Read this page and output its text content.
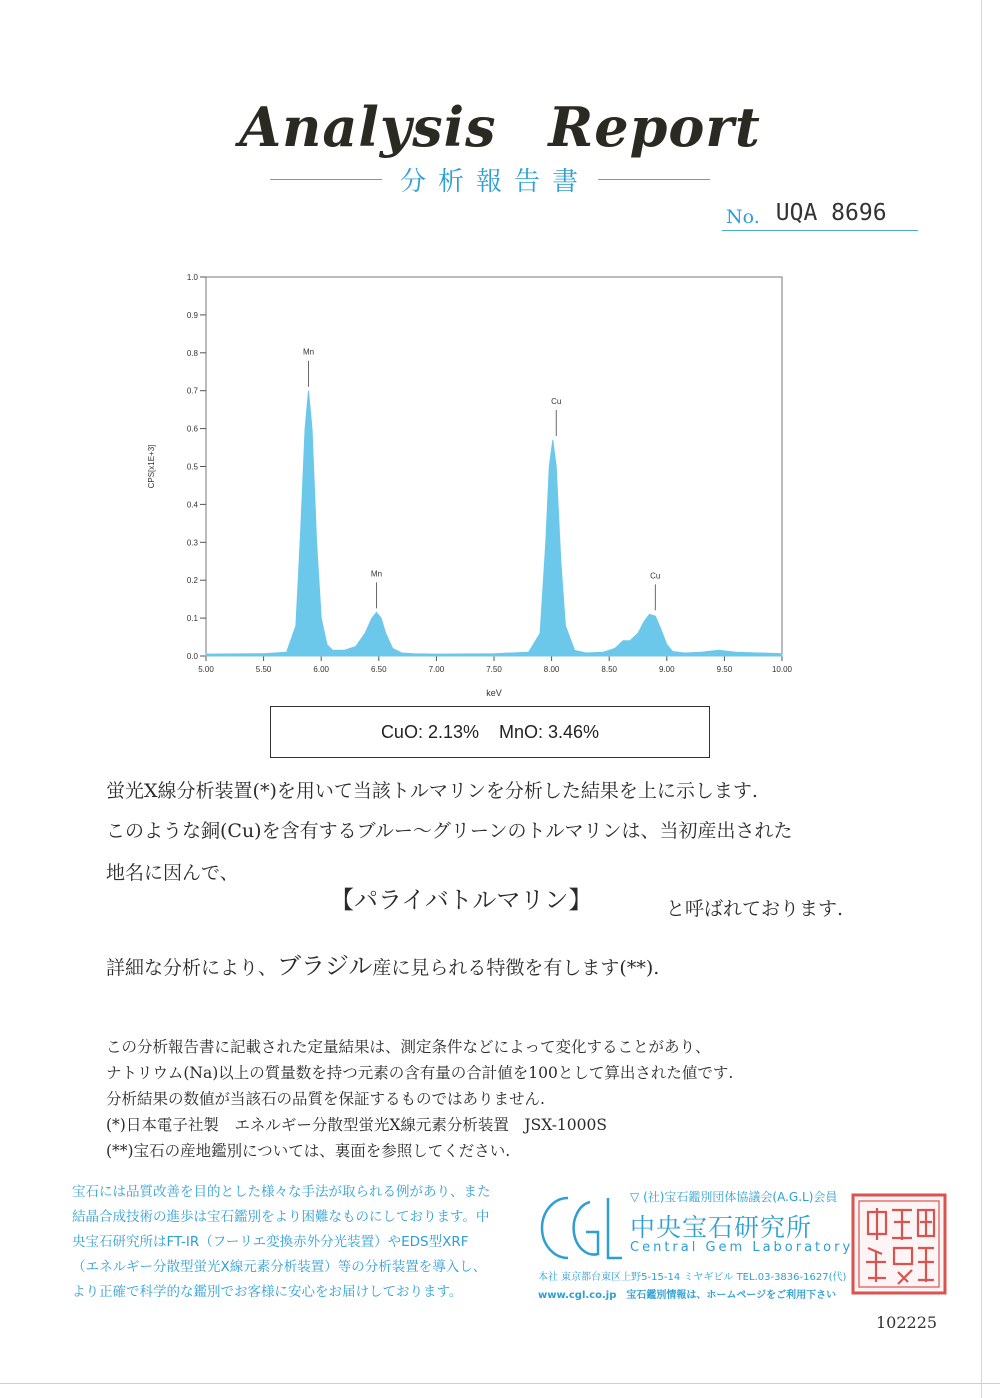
Analysis Report
分析報告書
No. UQA 8696
0.0
0.1
0.2
0.3
0.4
0.5
0.6
0.7
0.8
0.9
1.0
5.00	5.50	6.00	6.50	7.00	7.50	8.00	8.50	9.00	9.50	10.00
keV
CPS[x1E+3]
Mn
Mn
Cu
Cu
CuO: 2.13% MnO: 3.46%
蛍光X線分析装置(*)を用いて当該トルマリンを分析した結果を上に示します.
このような銅(Cu)を含有するブルー～グリーンのトルマリンは、当初産出された
地名に因んで、
【パライバトルマリン】	と呼ばれております.
詳細な分析により、ブラジル産に見られる特徴を有します(**).
この分析報告書に記載された定量結果は、測定条件などによって変化することがあり、
ナトリウム(Na)以上の質量数を持つ元素の含有量の合計値を100として算出された値です.
分析結果の数値が当該石の品質を保証するものではありません.
(*)日本電子社製　エネルギー分散型蛍光X線元素分析装置　JSX-1000S
(**)宝石の産地鑑別については、裏面を参照してください.
宝石には品質改善を目的とした様々な手法が取られる例があり、また結晶合成技術の進歩は宝石鑑別をより困難なものにしております。中央宝石研究所はFT-IR（フーリエ変換赤外分光装置）やEDS型XRF（エネルギー分散型蛍光X線元素分析装置）等の分析装置を導入し、より正確で科学的な鑑別でお客様に安心をお届けしております。
▽ (社)宝石鑑別団体協議会(A.G.L)会員
中央宝石研究所
Central Gem Laboratory
本社 東京都台東区上野5-15-14 ミヤギビル TEL.03-3836-1627(代)
www.cgl.co.jp　宝石鑑別情報は、ホームページをご利用下さい
102225
